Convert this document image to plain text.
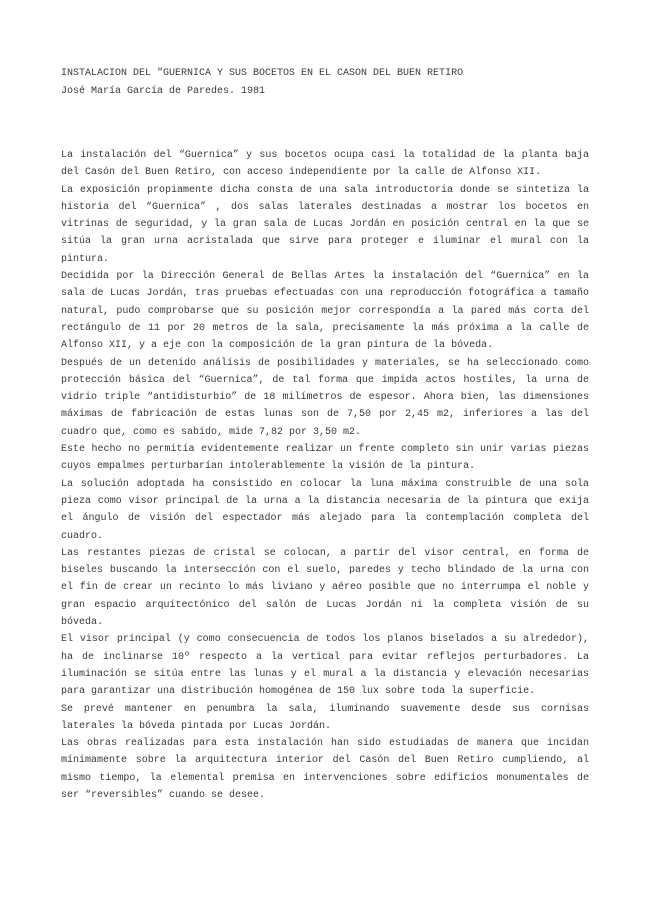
INSTALACION DEL "GUERNICA Y SUS BOCETOS EN EL CASON DEL BUEN RETIRO
José María García de Paredes. 1981

La instalación del “Guernica” y sus bocetos ocupa casi la totalidad de la planta baja del Casón del Buen Retiro, con acceso independiente por la calle de Alfonso XII.

La exposición propiamente dicha consta de una sala introductoria donde se sintetiza la historia del “Guernica” , dos salas laterales destinadas a mostrar los bocetos en vitrinas de seguridad, y la gran sala de Lucas Jordán en posición central en la que se sitúa la gran urna acristalada que sirve para proteger e iluminar el mural con la pintura.

Decidida por la Dirección General de Bellas Artes la instalación del “Guernica” en la sala de Lucas Jordán, tras pruebas efectuadas con una reproducción fotográfica a tamaño natural, pudo comprobarse que su posición mejor correspondía a la pared más corta del rectángulo de 11 por 20 metros de la sala, precisamente la más próxima a la calle de Alfonso XII, y a eje con la composición de la gran pintura de la bóveda.

Después de un detenido análisis de posibilidades y materiales, se ha seleccionado como protección básica del “Guernica”, de tal forma que impida actos hostiles, la urna de vidrio triple “antidisturbio” de 18 milímetros de espesor. Ahora bien, las dimensiones máximas de fabricación de estas lunas son de 7,50 por 2,45 m2, inferiores a las del cuadro que, como es sabido, mide 7,82 por 3,50 m2.

Este hecho no permitía evidentemente realizar un frente completo sin unir varias piezas cuyos empalmes perturbarían intolerablemente la visión de la pintura.

La solución adoptada ha consistido en colocar la luna máxima construible de una sola pieza como visor principal de la urna a la distancia necesaria de la pintura que exija el ángulo de visión del espectador más alejado para la contemplación completa del cuadro.

Las restantes piezas de cristal se colocan, a partir del visor central, en forma de biseles buscando la intersección con el suelo, paredes y techo blindado de la urna con el fin de crear un recinto lo más liviano y aéreo posible que no interrumpa el noble y gran espacio arquitectónico del salón de Lucas Jordán ni la completa visión de su bóveda.

El visor principal (y como consecuencia de todos los planos biselados a su alrededor), ha de inclinarse 10º respecto a la vertical para evitar reflejos perturbadores. La iluminación se sitúa entre las lunas y el mural a la distancia y elevación necesarias para garantizar una distribución homogénea de 150 lux sobre toda la superficie.

Se prevé mantener en penumbra la sala, iluminando suavemente desde sus cornisas laterales la bóveda pintada por Lucas Jordán.

Las obras realizadas para esta instalación han sido estudiadas de manera que incidan mínimamente sobre la arquitectura interior del Casón del Buen Retiro cumpliendo, al mismo tiempo, la elemental premisa en intervenciones sobre edificios monumentales de ser “reversibles” cuando se desee.
